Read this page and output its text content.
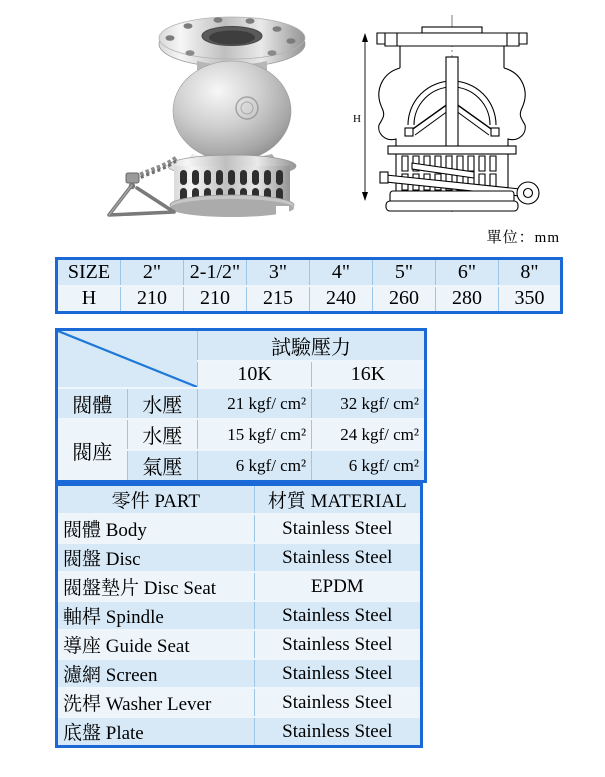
H
單位：mm
SIZE	2"	2-1/2"	3"	4"	5"	6"	8"
H	210	210	215	240	260	280	350
	試驗壓力	
		10K	16K
閥體	水壓	21 kgf/ cm²	32 kgf/ cm²
閥座	水壓	15 kgf/ cm²	24 kgf/ cm²
	氣壓	6 kgf/ cm²	6 kgf/ cm²
零件 PART	材質 MATERIAL
閥體 Body	Stainless Steel
閥盤 Disc	Stainless Steel
閥盤墊片 Disc Seat	EPDM
軸桿 Spindle	Stainless Steel
導座 Guide Seat	Stainless Steel
濾網 Screen	Stainless Steel
洗桿 Washer Lever	Stainless Steel
底盤 Plate	Stainless Steel
